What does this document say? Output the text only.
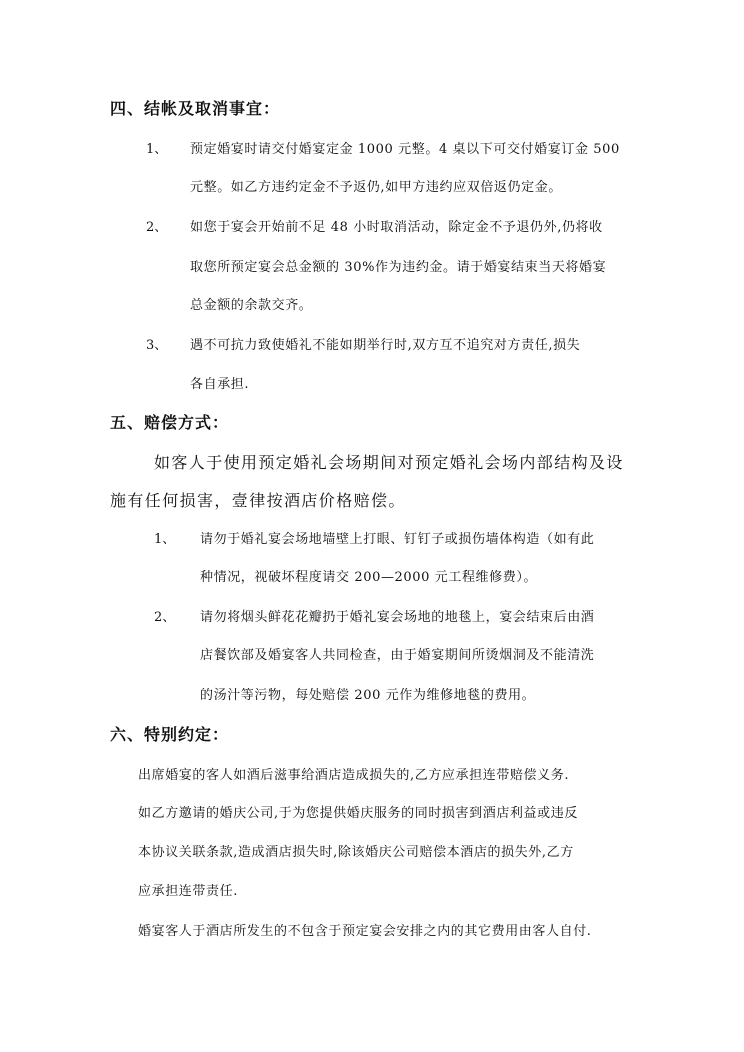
四、结帐及取消事宜：
1、 预定婚宴时请交付婚宴定金 1000 元整。4 桌以下可交付婚宴订金 500
元整。如乙方违约定金不予返仍,如甲方违约应双倍返仍定金。
2、 如您于宴会开始前不足 48 小时取消活动，除定金不予退仍外,仍将收
取您所预定宴会总金额的 30%作为违约金。请于婚宴结束当天将婚宴
总金额的余款交齐。
3、 遇不可抗力致使婚礼不能如期举行时,双方互不追究对方责任,损失
各自承担.
五、赔偿方式：
如客人于使用预定婚礼会场期间对预定婚礼会场内部结构及设
施有任何损害，壹律按酒店价格赔偿。
1、 请勿于婚礼宴会场地墙壁上打眼、钉钉子或损伤墙体构造（如有此
种情况，视破坏程度请交 200—2000 元工程维修费）。
2、 请勿将烟头鲜花花瓣扔于婚礼宴会场地的地毯上，宴会结束后由酒
店餐饮部及婚宴客人共同检查，由于婚宴期间所烫烟洞及不能清洗
的汤汁等污物，每处赔偿 200 元作为维修地毯的费用。
六、特别约定：
出席婚宴的客人如酒后滋事给酒店造成损失的,乙方应承担连带赔偿义务.
如乙方邀请的婚庆公司,于为您提供婚庆服务的同时损害到酒店利益或违反
本协议关联条款,造成酒店损失时,除该婚庆公司赔偿本酒店的损失外,乙方
应承担连带责任.
婚宴客人于酒店所发生的不包含于预定宴会安排之内的其它费用由客人自付.
